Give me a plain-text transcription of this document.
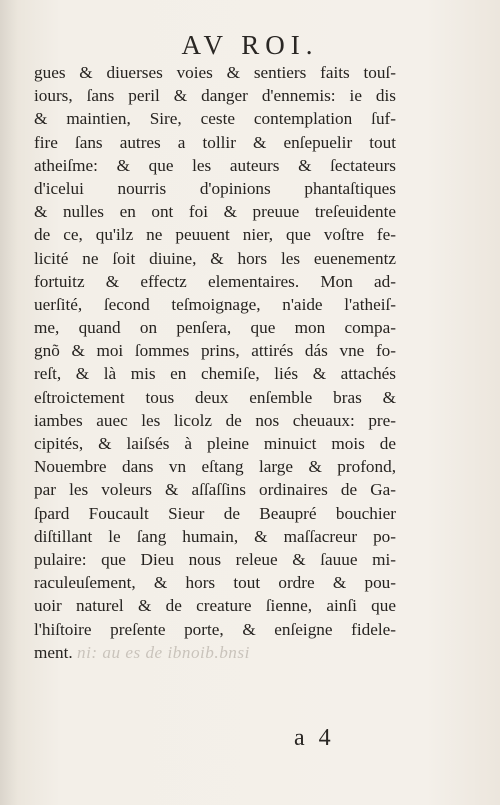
AV ROI.
gues & diuerses voies & sentiers faits touſ-
iours, ſans peril & danger d'ennemis: ie dis
& maintien, Sire, ceste contemplation ſuf-
fire ſans autres a tollir & enſepuelir tout
atheiſme: & que les auteurs & ſectateurs
d'icelui nourris d'opinions phantaſtiques
& nulles en ont foi & preuue treſeuidente
de ce, qu'ilz ne peuuent nier, que voſtre fe-
licité ne ſoit diuine, & hors les euenementz
fortuitz & effectz elementaires. Mon ad-
uerſité, ſecond teſmoignage, n'aide l'atheiſ-
me, quand on penſera, que mon compa-
gnõ & moi ſommes prins, attirés dás vne fo-
reſt, & là mis en chemiſe, liés & attachés
eſtroictement tous deux enſemble bras &
iambes auec les licolz de nos cheuaux: pre-
cipités, & laiſsés à pleine minuict mois de
Nouembre dans vn eſtang large & profond,
par les voleurs & aſſaſſins ordinaires de Ga-
ſpard Foucault Sieur de Beaupré bouchier
diſtillant le ſang humain, & maſſacreur po-
pulaire: que Dieu nous releue & ſauue mi-
raculeuſement, & hors tout ordre & pou-
uoir naturel & de creature ſienne, ainſi que
l'hiſtoire preſente porte, & enſeigne fidele-
ment. ni: au es de ibnoib.bnsi
a 4
